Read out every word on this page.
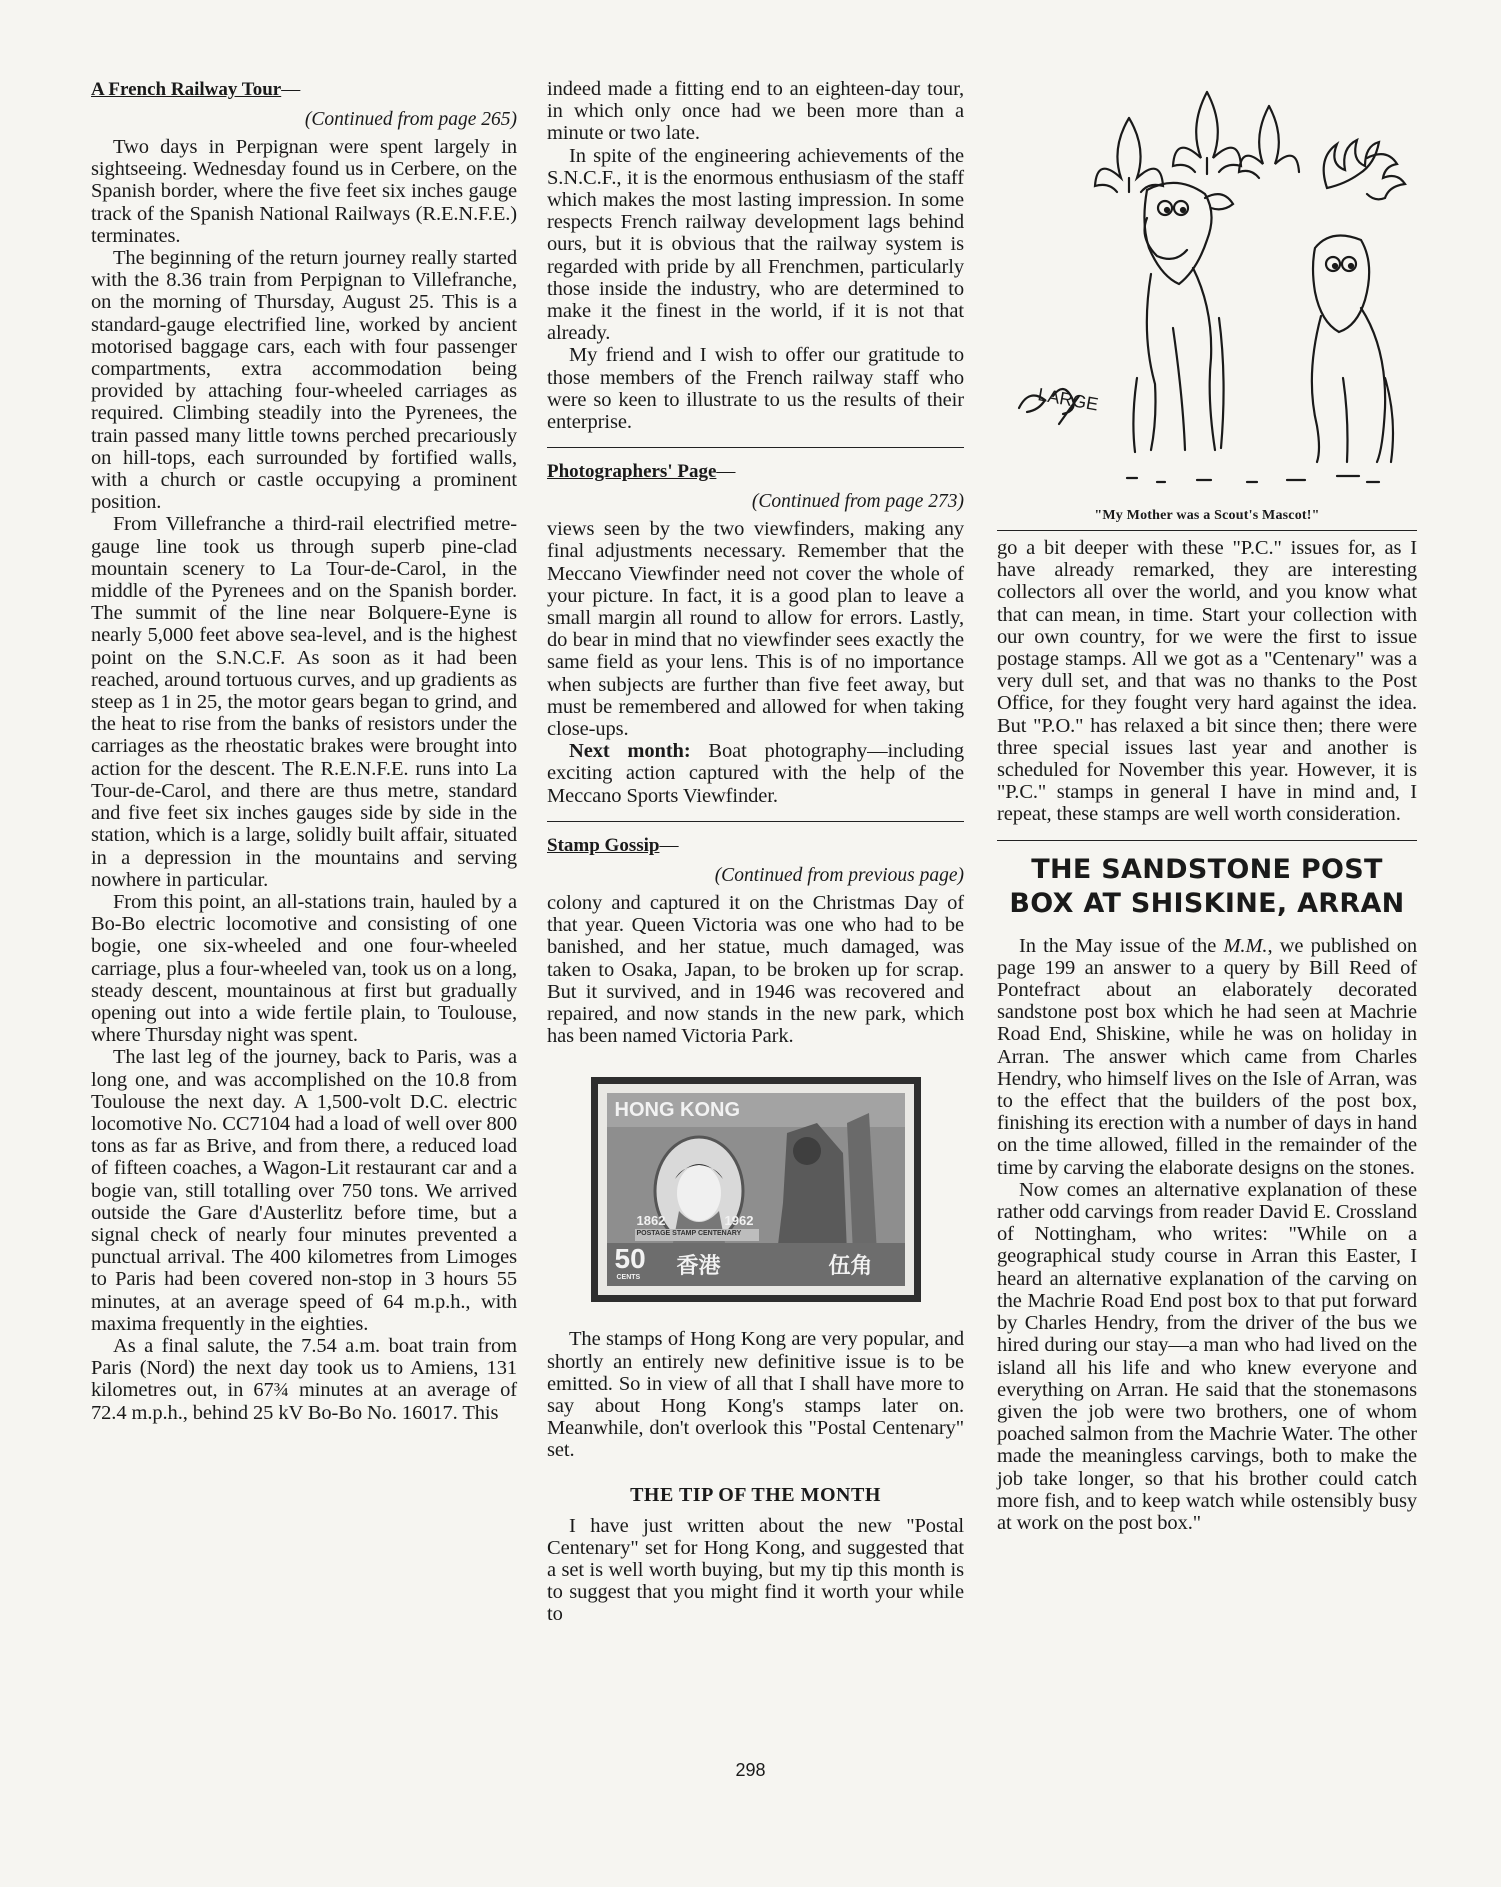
A French Railway Tour—
(Continued from page 265)

Two days in Perpignan were spent largely in sightseeing. Wednesday found us in Cerbere, on the Spanish border, where the five feet six inches gauge track of the Spanish National Railways (R.E.N.F.E.) terminates.

The beginning of the return journey really started with the 8.36 train from Perpignan to Villefranche, on the morning of Thursday, August 25. This is a standard-gauge electrified line, worked by ancient motorised baggage cars, each with four passenger compartments, extra accommodation being provided by attaching four-wheeled carriages as required. Climbing steadily into the Pyrenees, the train passed many little towns perched precariously on hill-tops, each surrounded by fortified walls, with a church or castle occupying a prominent position.

From Villefranche a third-rail electrified metre-gauge line took us through superb pine-clad mountain scenery to La Tour-de-Carol, in the middle of the Pyrenees and on the Spanish border. The summit of the line near Bolquere-Eyne is nearly 5,000 feet above sea-level, and is the highest point on the S.N.C.F. As soon as it had been reached, around tortuous curves, and up gradients as steep as 1 in 25, the motor gears began to grind, and the heat to rise from the banks of resistors under the carriages as the rheostatic brakes were brought into action for the descent. The R.E.N.F.E. runs into La Tour-de-Carol, and there are thus metre, standard and five feet six inches gauges side by side in the station, which is a large, solidly built affair, situated in a depression in the mountains and serving nowhere in particular.

From this point, an all-stations train, hauled by a Bo-Bo electric locomotive and consisting of one bogie, one six-wheeled and one four-wheeled carriage, plus a four-wheeled van, took us on a long, steady descent, mountainous at first but gradually opening out into a wide fertile plain, to Toulouse, where Thursday night was spent.

The last leg of the journey, back to Paris, was a long one, and was accomplished on the 10.8 from Toulouse the next day. A 1,500-volt D.C. electric locomotive No. CC7104 had a load of well over 800 tons as far as Brive, and from there, a reduced load of fifteen coaches, a Wagon-Lit restaurant car and a bogie van, still totalling over 750 tons. We arrived outside the Gare d'Austerlitz before time, but a signal check of nearly four minutes prevented a punctual arrival. The 400 kilometres from Limoges to Paris had been covered non-stop in 3 hours 55 minutes, at an average speed of 64 m.p.h., with maxima frequently in the eighties.

As a final salute, the 7.54 a.m. boat train from Paris (Nord) the next day took us to Amiens, 131 kilometres out, in 67¾ minutes at an average of 72.4 m.p.h., behind 25 kV Bo-Bo No. 16017. This

indeed made a fitting end to an eighteen-day tour, in which only once had we been more than a minute or two late.

In spite of the engineering achievements of the S.N.C.F., it is the enormous enthusiasm of the staff which makes the most lasting impression. In some respects French railway development lags behind ours, but it is obvious that the railway system is regarded with pride by all Frenchmen, particularly those inside the industry, who are determined to make it the finest in the world, if it is not that already.

My friend and I wish to offer our gratitude to those members of the French railway staff who were so keen to illustrate to us the results of their enterprise.

Photographers' Page—
(Continued from page 273)

views seen by the two viewfinders, making any final adjustments necessary. Remember that the Meccano Viewfinder need not cover the whole of your picture. In fact, it is a good plan to leave a small margin all round to allow for errors. Lastly, do bear in mind that no viewfinder sees exactly the same field as your lens. This is of no importance when subjects are further than five feet away, but must be remembered and allowed for when taking close-ups.

Next month: Boat photography—including exciting action captured with the help of the Meccano Sports Viewfinder.

Stamp Gossip—
(Continued from previous page)

colony and captured it on the Christmas Day of that year. Queen Victoria was one who had to be banished, and her statue, much damaged, was taken to Osaka, Japan, to be broken up for scrap. But it survived, and in 1946 was recovered and repaired, and now stands in the new park, which has been named Victoria Park.

HONG KONG
1862	1962
POSTAGE STAMP CENTENARY
50
CENTS 香港	伍角

The stamps of Hong Kong are very popular, and shortly an entirely new definitive issue is to be emitted. So in view of all that I shall have more to say about Hong Kong's stamps later on. Meanwhile, don't overlook this "Postal Centenary" set.

THE TIP OF THE MONTH

I have just written about the new "Postal Centenary" set for Hong Kong, and suggested that a set is well worth buying, but my tip this month is to suggest that you might find it worth your while to

LARGE
"My Mother was a Scout's Mascot!"

go a bit deeper with these "P.C." issues for, as I have already remarked, they are interesting collectors all over the world, and you know what that can mean, in time. Start your collection with our own country, for we were the first to issue postage stamps. All we got as a "Centenary" was a very dull set, and that was no thanks to the Post Office, for they fought very hard against the idea. But "P.O." has relaxed a bit since then; there were three special issues last year and another is scheduled for November this year. However, it is "P.C." stamps in general I have in mind and, I repeat, these stamps are well worth consideration.

THE SANDSTONE POST BOX AT SHISKINE, ARRAN

In the May issue of the M.M., we published on page 199 an answer to a query by Bill Reed of Pontefract about an elaborately decorated sandstone post box which he had seen at Machrie Road End, Shiskine, while he was on holiday in Arran. The answer which came from Charles Hendry, who himself lives on the Isle of Arran, was to the effect that the builders of the post box, finishing its erection with a number of days in hand on the time allowed, filled in the remainder of the time by carving the elaborate designs on the stones.

Now comes an alternative explanation of these rather odd carvings from reader David E. Crossland of Nottingham, who writes: "While on a geographical study course in Arran this Easter, I heard an alternative explanation of the carving on the Machrie Road End post box to that put forward by Charles Hendry, from the driver of the bus we hired during our stay—a man who had lived on the island all his life and who knew everyone and everything on Arran. He said that the stonemasons given the job were two brothers, one of whom poached salmon from the Machrie Water. The other made the meaningless carvings, both to make the job take longer, so that his brother could catch more fish, and to keep watch while ostensibly busy at work on the post box."

298
